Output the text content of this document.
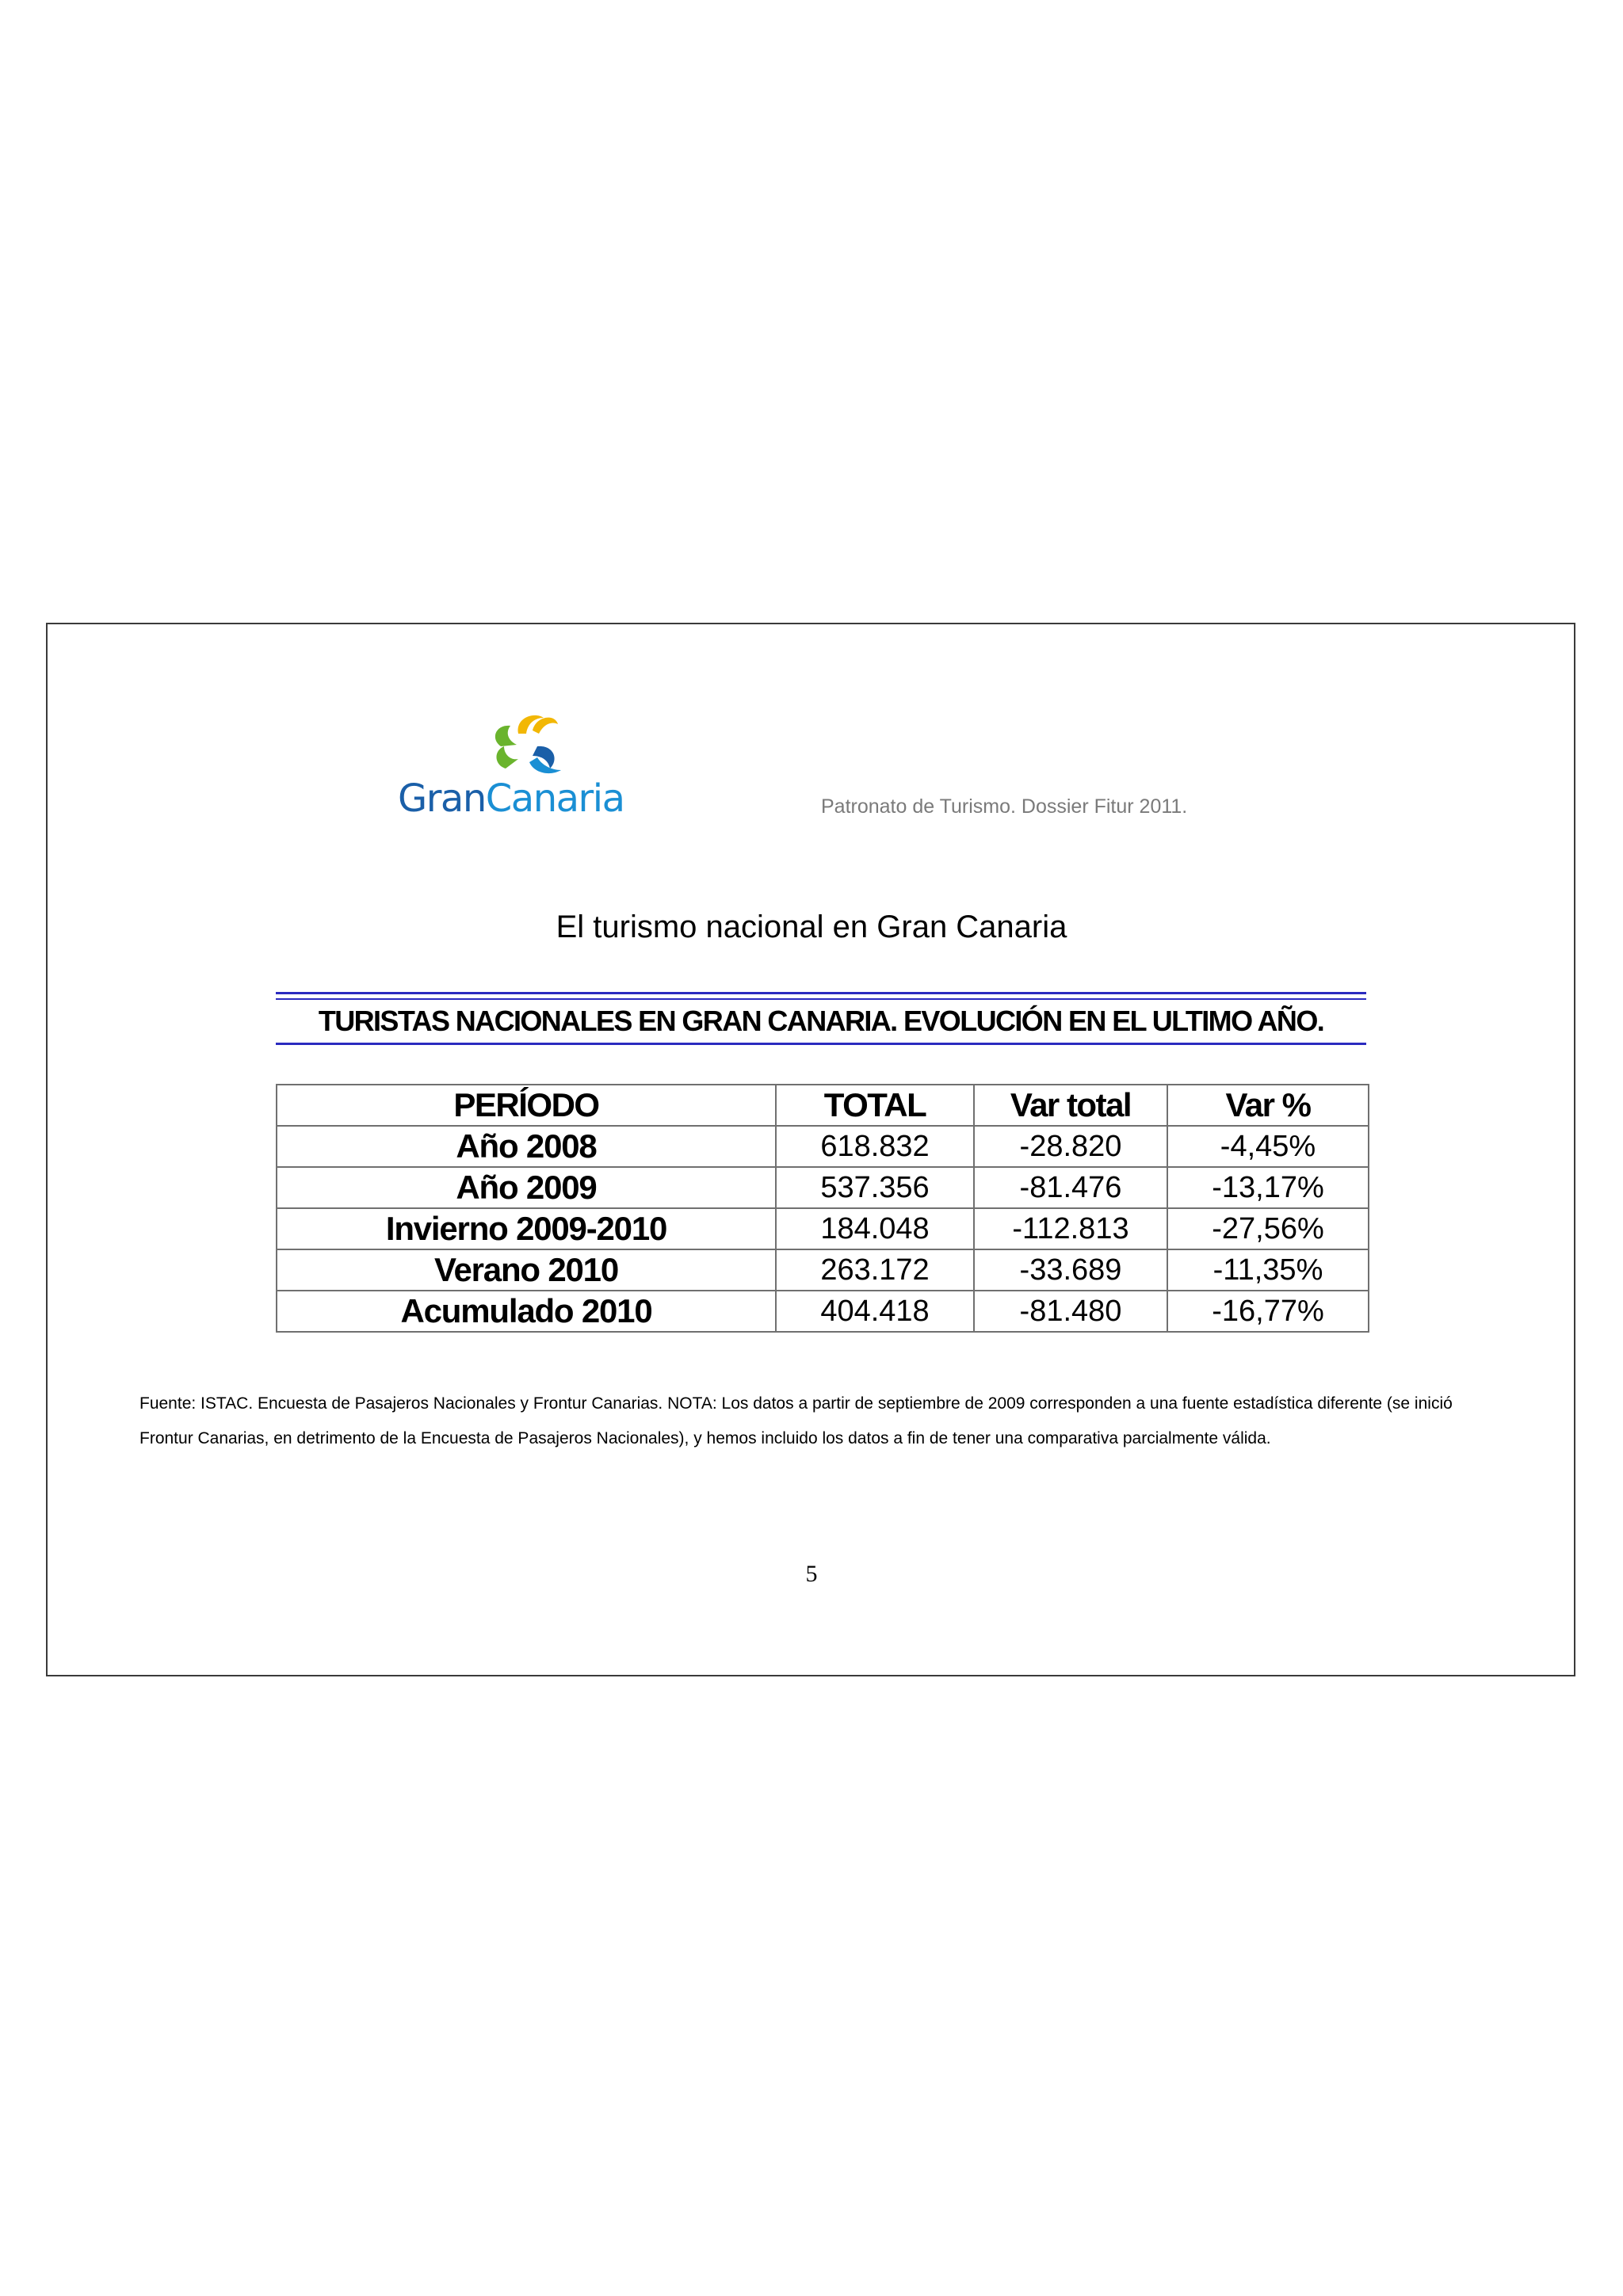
GranCanaria	Patronato de Turismo. Dossier Fitur 2011.
El turismo nacional en Gran Canaria
TURISTAS NACIONALES EN GRAN CANARIA. EVOLUCIÓN EN EL ULTIMO AÑO.
PERÍODO	TOTAL	Var total	Var %
Año 2008	618.832	-28.820	-4,45%
Año 2009	537.356	-81.476	-13,17%
Invierno 2009-2010	184.048	-112.813	-27,56%
Verano 2010	263.172	-33.689	-11,35%
Acumulado 2010	404.418	-81.480	-16,77%
Fuente: ISTAC. Encuesta de Pasajeros Nacionales y Frontur Canarias. NOTA: Los datos a partir de septiembre de 2009 corresponden a una fuente estadística diferente (se inició Frontur Canarias, en detrimento de la Encuesta de Pasajeros Nacionales), y hemos incluido los datos a fin de tener una comparativa parcialmente válida.
5
